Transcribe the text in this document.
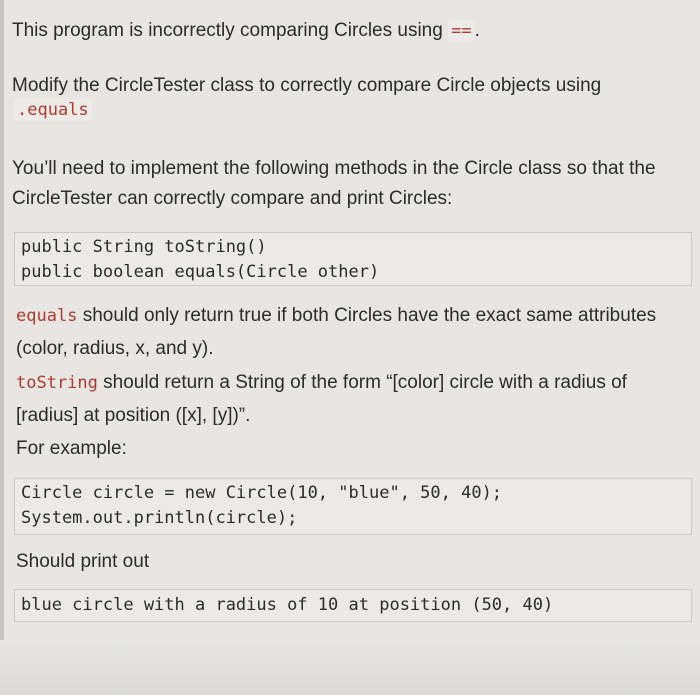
This program is incorrectly comparing Circles using == .
Modify the CircleTester class to correctly compare Circle objects using
.equals
You’ll need to implement the following methods in the Circle class so that the
CircleTester can correctly compare and print Circles:
public String toString()
public boolean equals(Circle other)
equals should only return true if both Circles have the exact same attributes
(color, radius, x, and y).
toString should return a String of the form “[color] circle with a radius of
[radius] at position ([x], [y])”.
For example:
Circle circle = new Circle(10, "blue", 50, 40);
System.out.println(circle);
Should print out
blue circle with a radius of 10 at position (50, 40)
